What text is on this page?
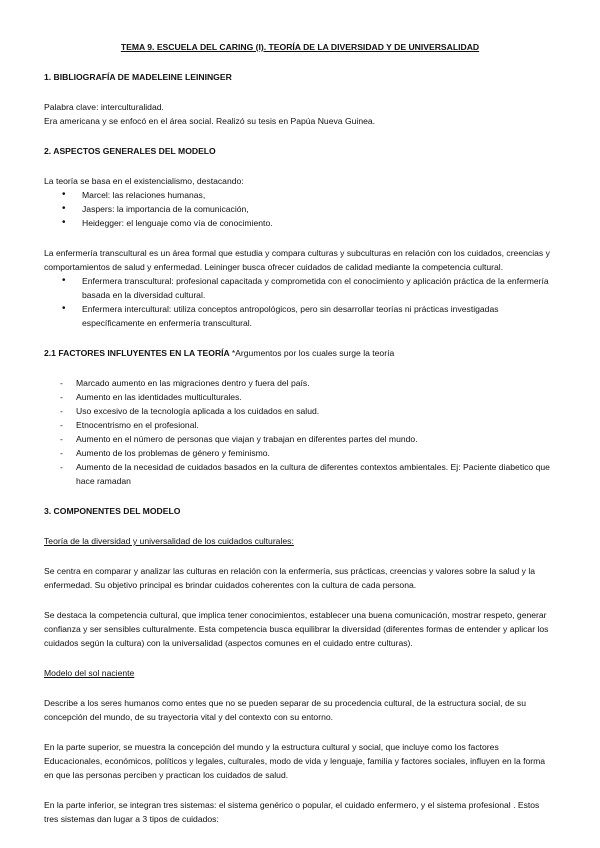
TEMA 9. ESCUELA DEL CARING (I). TEORÍA DE LA DIVERSIDAD Y DE UNIVERSALIDAD
1. BIBLIOGRAFÍA DE MADELEINE LEININGER
Palabra clave: interculturalidad.
Era americana y se enfocó en el área social. Realizó su tesis en Papúa Nueva Guinea.
2. ASPECTOS GENERALES DEL MODELO
La teoría se basa en el existencialismo, destacando:
• Marcel: las relaciones humanas,
• Jaspers: la importancia de la comunicación,
• Heidegger: el lenguaje como vía de conocimiento.
La enfermería transcultural es un área formal que estudia y compara culturas y subculturas en relación con los cuidados, creencias y comportamientos de salud y enfermedad. Leininger busca ofrecer cuidados de calidad mediante la competencia cultural.
• Enfermera transcultural: profesional capacitada y comprometida con el conocimiento y aplicación práctica de la enfermería basada en la diversidad cultural.
• Enfermera intercultural: utiliza conceptos antropológicos, pero sin desarrollar teorías ni prácticas investigadas específicamente en enfermería transcultural.
2.1 FACTORES INFLUYENTES EN LA TEORÍA *Argumentos por los cuales surge la teoría
- Marcado aumento en las migraciones dentro y fuera del país.
- Aumento en las identidades multiculturales.
- Uso excesivo de la tecnología aplicada a los cuidados en salud.
- Etnocentrismo en el profesional.
- Aumento en el número de personas que viajan y trabajan en diferentes partes del mundo.
- Aumento de los problemas de género y feminismo.
- Aumento de la necesidad de cuidados basados en la cultura de diferentes contextos ambientales. Ej: Paciente diabetico que hace ramadan
3. COMPONENTES DEL MODELO
Teoría de la diversidad y universalidad de los cuidados culturales:
Se centra en comparar y analizar las culturas en relación con la enfermería, sus prácticas, creencias y valores sobre la salud y la enfermedad. Su objetivo principal es brindar cuidados coherentes con la cultura de cada persona.
Se destaca la competencia cultural, que implica tener conocimientos, establecer una buena comunicación, mostrar respeto, generar confianza y ser sensibles culturalmente. Esta competencia busca equilibrar la diversidad (diferentes formas de entender y aplicar los cuidados según la cultura) con la universalidad (aspectos comunes en el cuidado entre culturas).
Modelo del sol naciente
Describe a los seres humanos como entes que no se pueden separar de su procedencia cultural, de la estructura social, de su concepción del mundo, de su trayectoria vital y del contexto con su entorno.
En la parte superior, se muestra la concepción del mundo y la estructura cultural y social, que incluye como los factores Educacionales, económicos, políticos y legales, culturales, modo de vida y lenguaje, familia y factores sociales, influyen en la forma en que las personas perciben y practican los cuidados de salud.
En la parte inferior, se integran tres sistemas: el sistema genérico o popular, el cuidado enfermero, y el sistema profesional . Estos tres sistemas dan lugar a 3 tipos de cuidados:
